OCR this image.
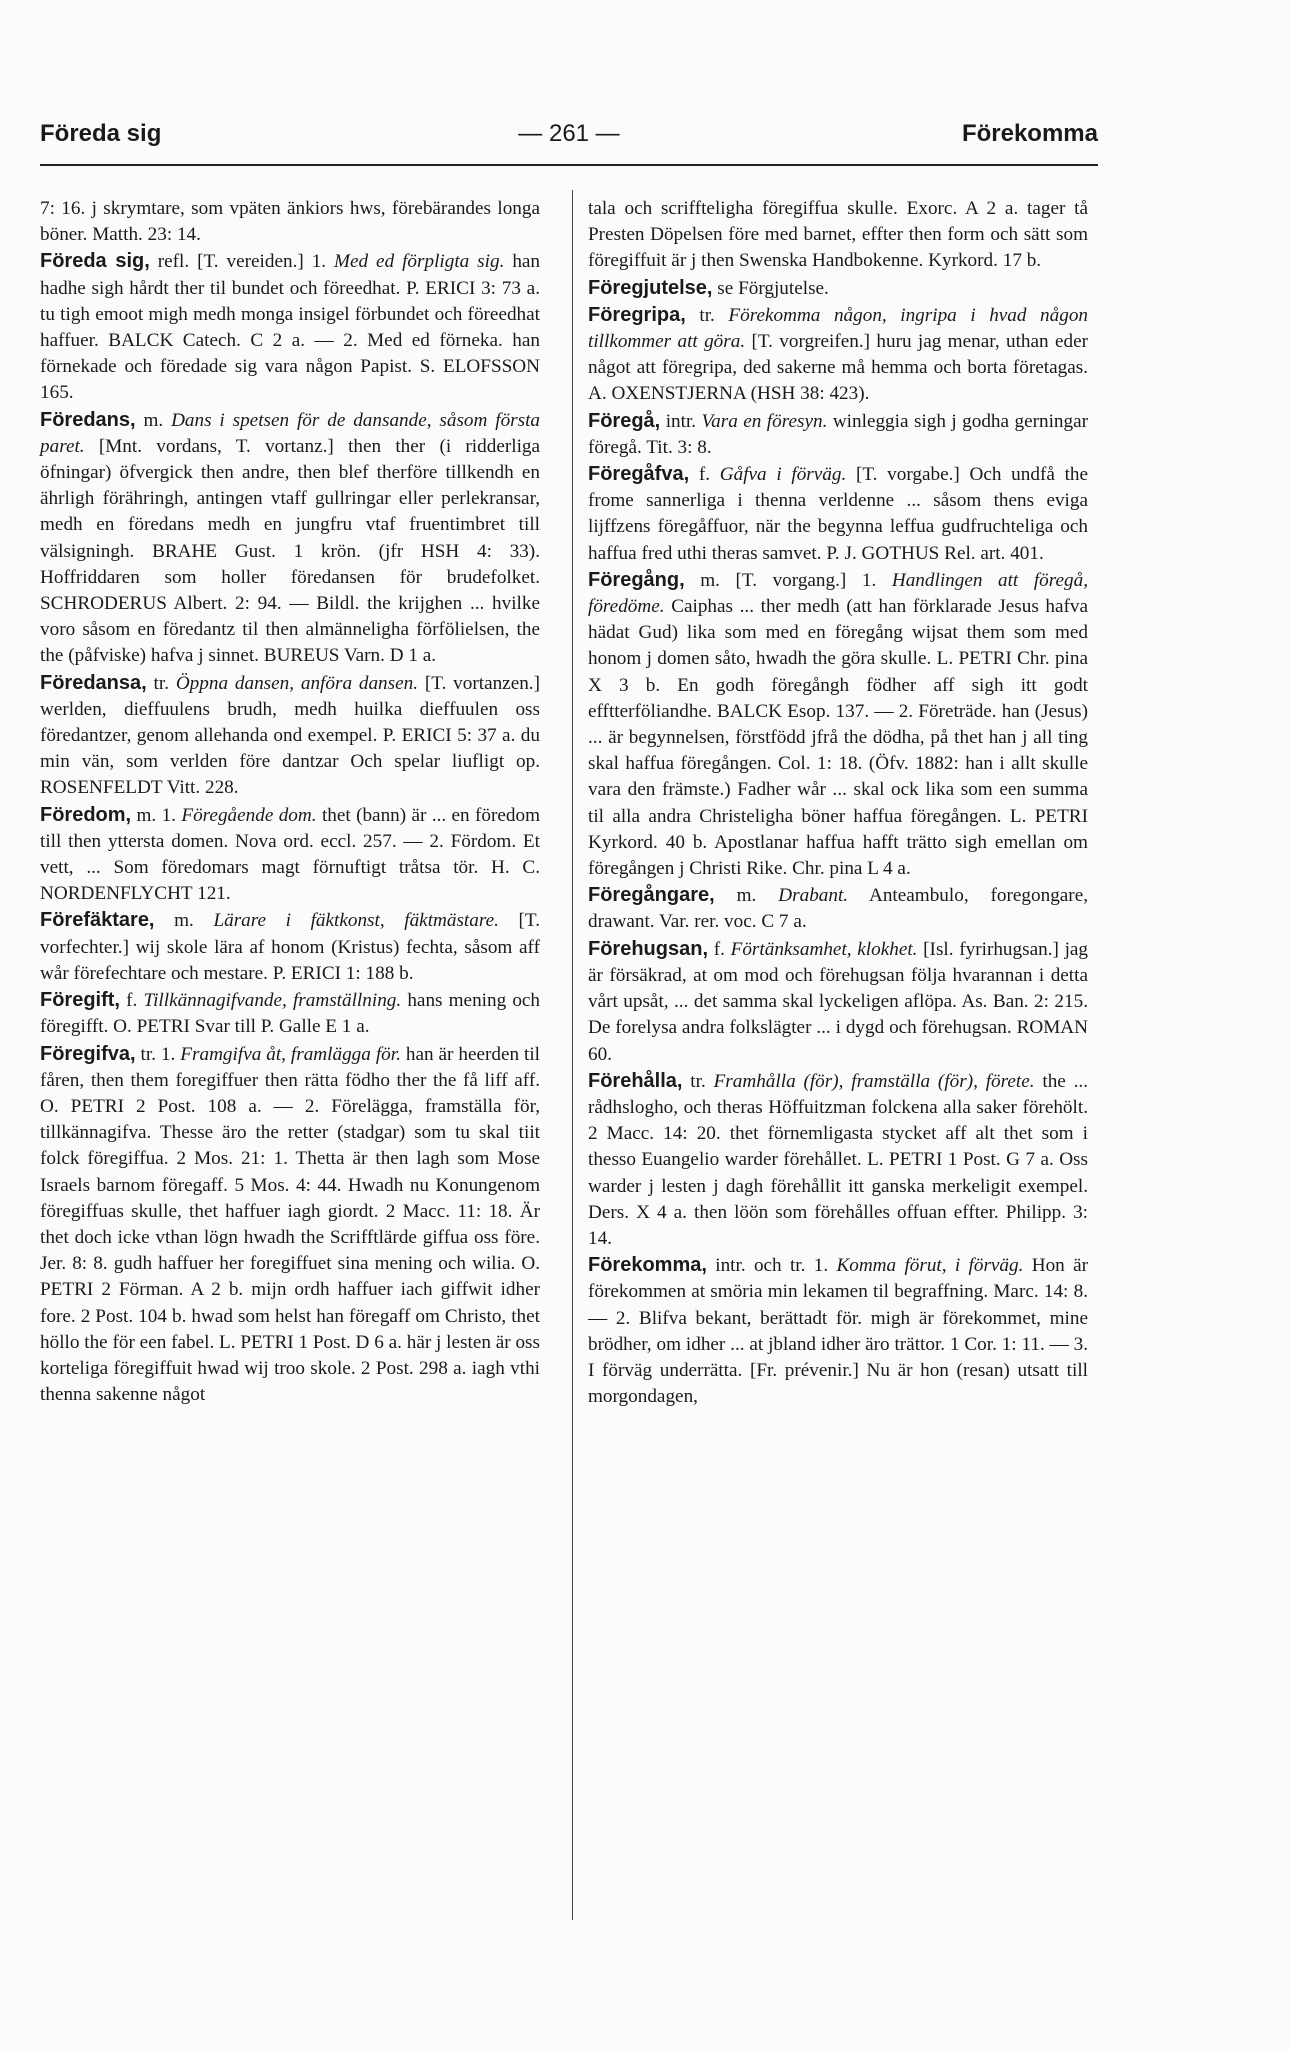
Föreda sig	— 261 —	Förekomma

7: 16. j skrymtare, som vpäten änkiors hws, förebärandes longa böner. Matth. 23: 14.

Föreda sig, refl. [T. vereiden.] 1. Med ed förpligta sig. han hadhe sigh hårdt ther til bundet och föreedhat. P. ERICI 3: 73 a. tu tigh emoot migh medh monga insigel förbundet och föreedhat haffuer. BALCK Catech. C 2 a. — 2. Med ed förneka. han förnekade och föredade sig vara någon Papist. S. ELOFSSON 165.

Föredans, m. Dans i spetsen för de dansande, såsom första paret. [Mnt. vordans, T. vortanz.] then ther (i ridderliga öfningar) öfvergick then andre, then blef therföre tillkendh en ährligh förähringh, antingen vtaff gullringar eller perlekransar, medh en föredans medh en jungfru vtaf fruentimbret till välsigningh. BRAHE Gust. 1 krön. (jfr HSH 4: 33). Hoffriddaren som holler föredansen för brudefolket. SCHRODERUS Albert. 2: 94. — Bildl. the krijghen ... hvilke voro såsom en föredantz til then almänneligha förfölielsen, the the (påfviske) hafva j sinnet. BUREUS Varn. D 1 a.

Föredansa, tr. Öppna dansen, anföra dansen. [T. vortanzen.] werlden, dieffuulens brudh, medh huilka dieffuulen oss föredantzer, genom allehanda ond exempel. P. ERICI 5: 37 a. du min vän, som verlden före dantzar Och spelar liufligt op. ROSENFELDT Vitt. 228.

Föredom, m. 1. Föregående dom. thet (bann) är ... en föredom till then yttersta domen. Nova ord. eccl. 257. — 2. Fördom. Et vett, ... Som föredomars magt förnuftigt tråtsa tör. H. C. NORDENFLYCHT 121.

Förefäktare, m. Lärare i fäktkonst, fäktmästare. [T. vorfechter.] wij skole lära af honom (Kristus) fechta, såsom aff wår förefechtare och mestare. P. ERICI 1: 188 b.

Föregift, f. Tillkännagifvande, framställning. hans mening och föregifft. O. PETRI Svar till P. Galle E 1 a.

Föregifva, tr. 1. Framgifva åt, framlägga för. han är heerden til fåren, then them foregiffuer then rätta födho ther the få liff aff. O. PETRI 2 Post. 108 a. — 2. Förelägga, framställa för, tillkännagifva. Thesse äro the retter (stadgar) som tu skal tiit folck föregiffua. 2 Mos. 21: 1. Thetta är then lagh som Mose Israels barnom föregaff. 5 Mos. 4: 44. Hwadh nu Konungenom föregiffuas skulle, thet haffuer iagh giordt. 2 Macc. 11: 18. Är thet doch icke vthan lögn hwadh the Scrifftlärde giffua oss före. Jer. 8: 8. gudh haffuer her foregiffuet sina mening och wilia. O. PETRI 2 Förman. A 2 b. mijn ordh haffuer iach giffwit idher fore. 2 Post. 104 b. hwad som helst han föregaff om Christo, thet höllo the för een fabel. L. PETRI 1 Post. D 6 a. här j lesten är oss korteliga föregiffuit hwad wij troo skole. 2 Post. 298 a. iagh vthi thenna sakenne något

tala och scriffteligha föregiffua skulle. Exorc. A 2 a. tager tå Presten Döpelsen före med barnet, effter then form och sätt som föregiffuit är j then Swenska Handbokenne. Kyrkord. 17 b.

Föregjutelse, se Förgjutelse.

Föregripa, tr. Förekomma någon, ingripa i hvad någon tillkommer att göra. [T. vorgreifen.] huru jag menar, uthan eder något att föregripa, ded sakerne må hemma och borta företagas. A. OXENSTJERNA (HSH 38: 423).

Föregå, intr. Vara en föresyn. winleggia sigh j godha gerningar föregå. Tit. 3: 8.

Föregåfva, f. Gåfva i förväg. [T. vorgabe.] Och undfå the frome sannerliga i thenna verldenne ... såsom thens eviga lijffzens föregåffuor, när the begynna leffua gudfruchteliga och haffua fred uthi theras samvet. P. J. GOTHUS Rel. art. 401.

Föregång, m. [T. vorgang.] 1. Handlingen att föregå, föredöme. Caiphas ... ther medh (att han förklarade Jesus hafva hädat Gud) lika som med en föregång wijsat them som med honom j domen såto, hwadh the göra skulle. L. PETRI Chr. pina X 3 b. En godh föregångh födher aff sigh itt godt efftterföliandhe. BALCK Esop. 137. — 2. Företräde. han (Jesus) ... är begynnelsen, förstfödd jfrå the dödha, på thet han j all ting skal haffua föregången. Col. 1: 18. (Öfv. 1882: han i allt skulle vara den främste.) Fadher wår ... skal ock lika som een summa til alla andra Christeligha böner haffua föregången. L. PETRI Kyrkord. 40 b. Apostlanar haffua hafft trätto sigh emellan om föregången j Christi Rike. Chr. pina L 4 a.

Föregångare, m. Drabant. Anteambulo, foregongare, drawant. Var. rer. voc. C 7 a.

Förehugsan, f. Förtänksamhet, klokhet. [Isl. fyrirhugsan.] jag är försäkrad, at om mod och förehugsan följa hvarannan i detta vårt upsåt, ... det samma skal lyckeligen aflöpa. As. Ban. 2: 215. De forelysa andra folkslägter ... i dygd och förehugsan. ROMAN 60.

Förehålla, tr. Framhålla (för), framställa (för), förete. the ... rådhslogho, och theras Höffuitzman folckena alla saker förehölt. 2 Macc. 14: 20. thet förnemligasta stycket aff alt thet som i thesso Euangelio warder förehållet. L. PETRI 1 Post. G 7 a. Oss warder j lesten j dagh förehållit itt ganska merkeligit exempel. Ders. X 4 a. then löön som förehålles offuan effter. Philipp. 3: 14.

Förekomma, intr. och tr. 1. Komma förut, i förväg. Hon är förekommen at smöria min lekamen til begraffning. Marc. 14: 8. — 2. Blifva bekant, berättadt för. migh är förekommet, mine brödher, om idher ... at jbland idher äro trättor. 1 Cor. 1: 11. — 3. I förväg underrätta. [Fr. prévenir.] Nu är hon (resan) utsatt till morgondagen,
